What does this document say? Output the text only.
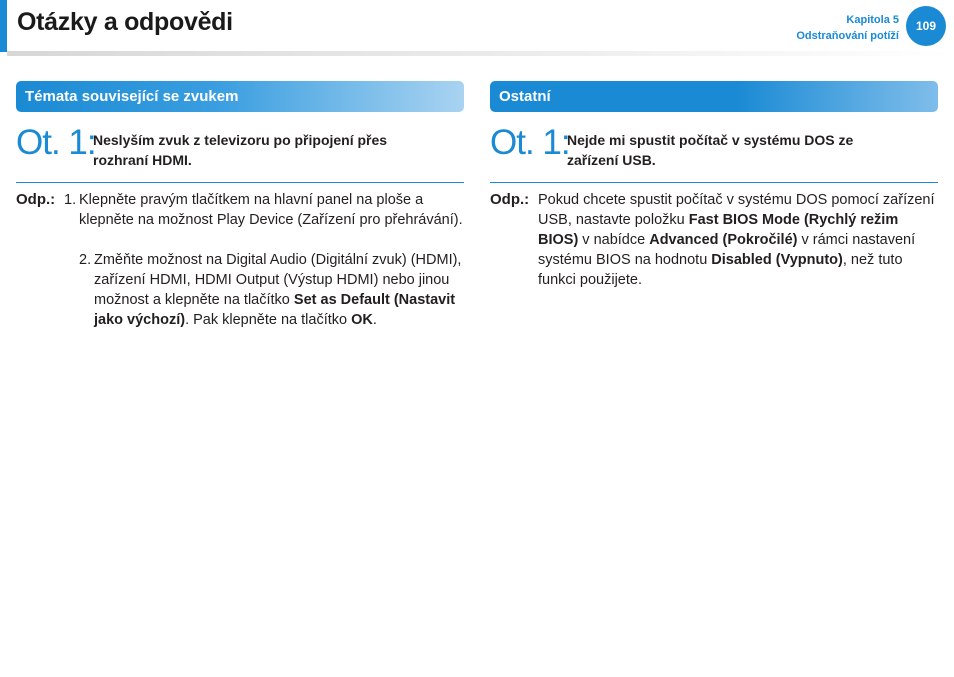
Otázky a odpovědi	Kapitola 5
Odstraňování potíží
109
Témata související se zvukem
Ot. 1:
Neslyším zvuk z televizoru po připojení přes
rozhraní HDMI.
Odp.: 1. Klepněte pravým tlačítkem na hlavní panel na ploše a klepněte na možnost Play Device (Zařízení pro přehrávání).
2. Změňte možnost na Digital Audio (Digitální zvuk) (HDMI), zařízení HDMI, HDMI Output (Výstup HDMI) nebo jinou možnost a klepněte na tlačítko Set as Default (Nastavit jako výchozí). Pak klepněte na tlačítko OK.
Ostatní
Ot. 1:
Nejde mi spustit počítač v systému DOS ze
zařízení USB.
Odp.: Pokud chcete spustit počítač v systému DOS pomocí zařízení USB, nastavte položku Fast BIOS Mode (Rychlý režim BIOS) v nabídce Advanced (Pokročilé) v rámci nastavení systému BIOS na hodnotu Disabled (Vypnuto), než tuto funkci použijete.
